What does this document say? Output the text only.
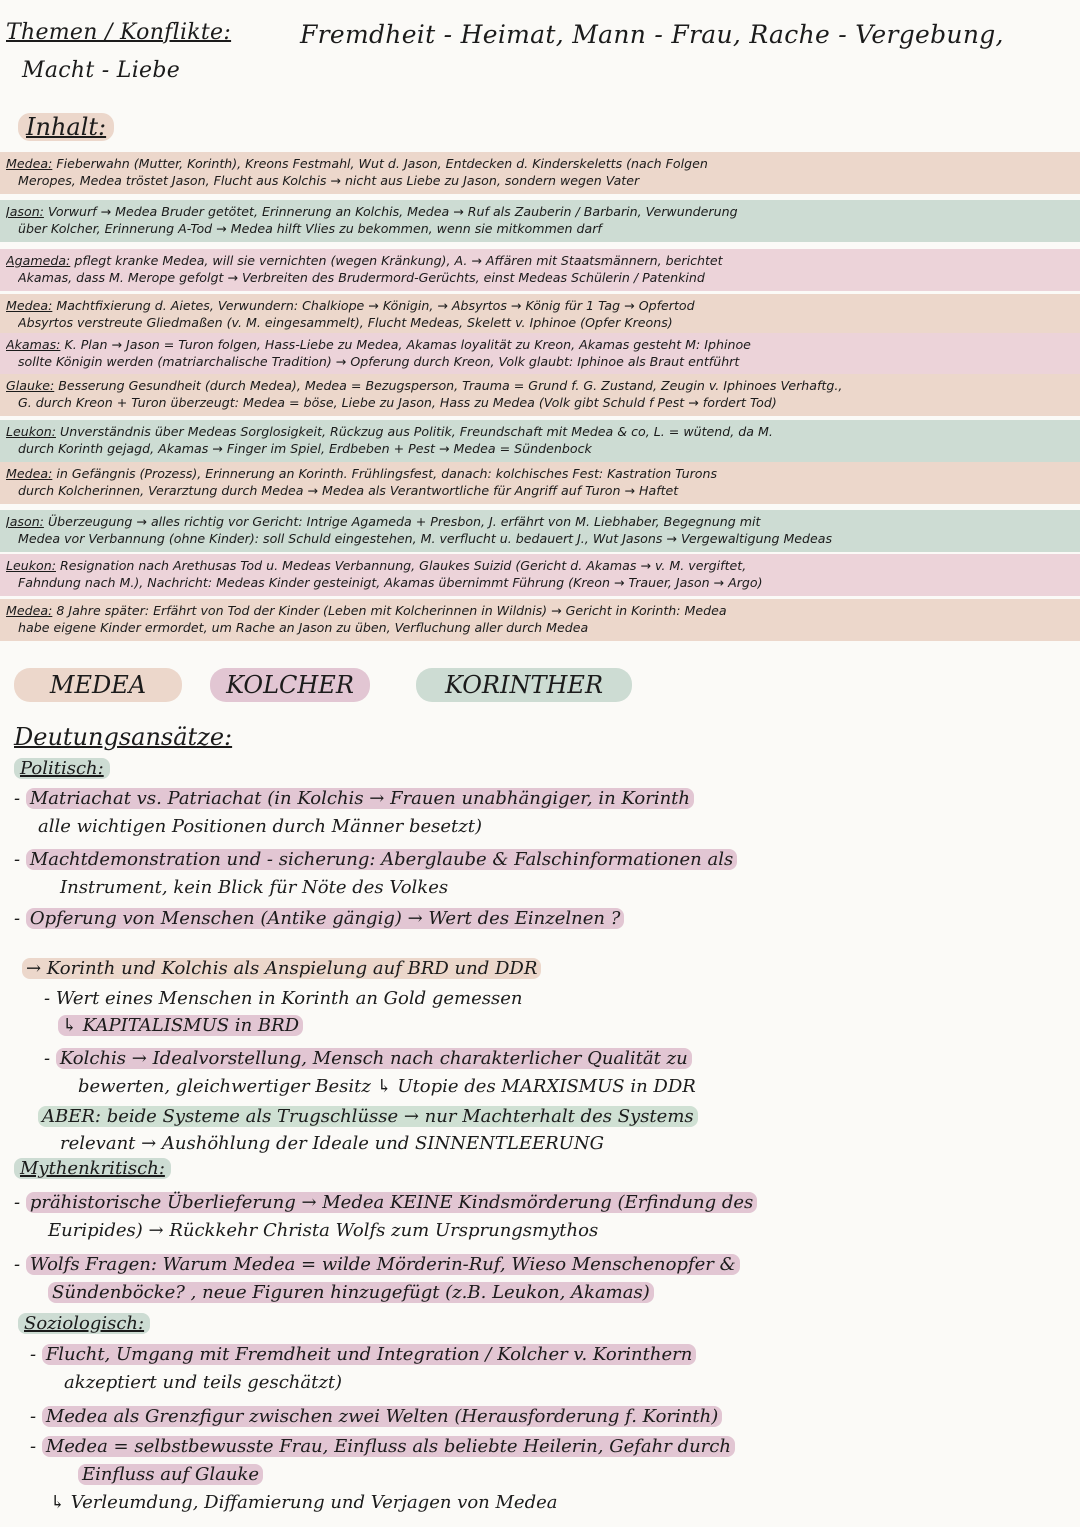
Themen / Konflikte:	Fremdheit - Heimat, Mann - Frau, Rache - Vergebung,
Macht - Liebe
Inhalt:
Medea: Fieberwahn (Mutter, Korinth), Kreons Festmahl, Wut d. Jason, Entdecken d. Kinderskeletts (nach Folgen
Meropes, Medea tröstet Jason, Flucht aus Kolchis → nicht aus Liebe zu Jason, sondern wegen Vater
Jason: Vorwurf → Medea Bruder getötet, Erinnerung an Kolchis, Medea → Ruf als Zauberin / Barbarin, Verwunderung
über Kolcher, Erinnerung A-Tod → Medea hilft Vlies zu bekommen, wenn sie mitkommen darf
Agameda: pflegt kranke Medea, will sie vernichten (wegen Kränkung), A. → Affären mit Staatsmännern, berichtet
Akamas, dass M. Merope gefolgt → Verbreiten des Brudermord-Gerüchts, einst Medeas Schülerin / Patenkind
Medea: Machtfixierung d. Aietes, Verwundern: Chalkiope → Königin, → Absyrtos → König für 1 Tag → Opfertod
Absyrtos verstreute Gliedmaßen (v. M. eingesammelt), Flucht Medeas, Skelett v. Iphinoe (Opfer Kreons)
Akamas: K. Plan → Jason = Turon folgen, Hass-Liebe zu Medea, Akamas loyalität zu Kreon, Akamas gesteht M: Iphinoe
sollte Königin werden (matriarchalische Tradition) → Opferung durch Kreon, Volk glaubt: Iphinoe als Braut entführt
Glauke: Besserung Gesundheit (durch Medea), Medea = Bezugsperson, Trauma = Grund f. G. Zustand, Zeugin v. Iphinoes Verhaftg.,
G. durch Kreon + Turon überzeugt: Medea = böse, Liebe zu Jason, Hass zu Medea (Volk gibt Schuld f Pest → fordert Tod)
Leukon: Unverständnis über Medeas Sorglosigkeit, Rückzug aus Politik, Freundschaft mit Medea & co, L. = wütend, da M.
durch Korinth gejagd, Akamas → Finger im Spiel, Erdbeben + Pest → Medea = Sündenbock
Medea: in Gefängnis (Prozess), Erinnerung an Korinth. Frühlingsfest, danach: kolchisches Fest: Kastration Turons
durch Kolcherinnen, Verarztung durch Medea → Medea als Verantwortliche für Angriff auf Turon → Haftet
Jason: Überzeugung → alles richtig vor Gericht: Intrige Agameda + Presbon, J. erfährt von M. Liebhaber, Begegnung mit
Medea vor Verbannung (ohne Kinder): soll Schuld eingestehen, M. verflucht u. bedauert J., Wut Jasons → Vergewaltigung Medeas
Leukon: Resignation nach Arethusas Tod u. Medeas Verbannung, Glaukes Suizid (Gericht d. Akamas → v. M. vergiftet,
Fahndung nach M.), Nachricht: Medeas Kinder gesteinigt, Akamas übernimmt Führung (Kreon → Trauer, Jason → Argo)
Medea: 8 Jahre später: Erfährt von Tod der Kinder (Leben mit Kolcherinnen in Wildnis) → Gericht in Korinth: Medea
habe eigene Kinder ermordet, um Rache an Jason zu üben, Verfluchung aller durch Medea
MEDEA	KOLCHER	KORINTHER
Deutungsansätze:
Politisch:
- Matriachat vs. Patriachat (in Kolchis → Frauen unabhängiger, in Korinth
alle wichtigen Positionen durch Männer besetzt)
- Machtdemonstration und - sicherung: Aberglaube & Falschinformationen als
Instrument, kein Blick für Nöte des Volkes
- Opferung von Menschen (Antike gängig) → Wert des Einzelnen ?
→ Korinth und Kolchis als Anspielung auf BRD und DDR
- Wert eines Menschen in Korinth an Gold gemessen
↳ KAPITALISMUS in BRD
- Kolchis → Idealvorstellung, Mensch nach charakterlicher Qualität zu
bewerten, gleichwertiger Besitz ↳ Utopie des MARXISMUS in DDR
ABER: beide Systeme als Trugschlüsse → nur Machterhalt des Systems
relevant → Aushöhlung der Ideale und SINNENTLEERUNG
Mythenkritisch:
- prähistorische Überlieferung → Medea KEINE Kindsmörderung (Erfindung des
Euripides) → Rückkehr Christa Wolfs zum Ursprungsmythos
- Wolfs Fragen: Warum Medea = wilde Mörderin-Ruf, Wieso Menschenopfer &
Sündenböcke? , neue Figuren hinzugefügt (z.B. Leukon, Akamas)
Soziologisch:
- Flucht, Umgang mit Fremdheit und Integration / Kolcher v. Korinthern
akzeptiert und teils geschätzt)
- Medea als Grenzfigur zwischen zwei Welten (Herausforderung f. Korinth)
- Medea = selbstbewusste Frau, Einfluss als beliebte Heilerin, Gefahr durch
Einfluss auf Glauke
↳ Verleumdung, Diffamierung und Verjagen von Medea
